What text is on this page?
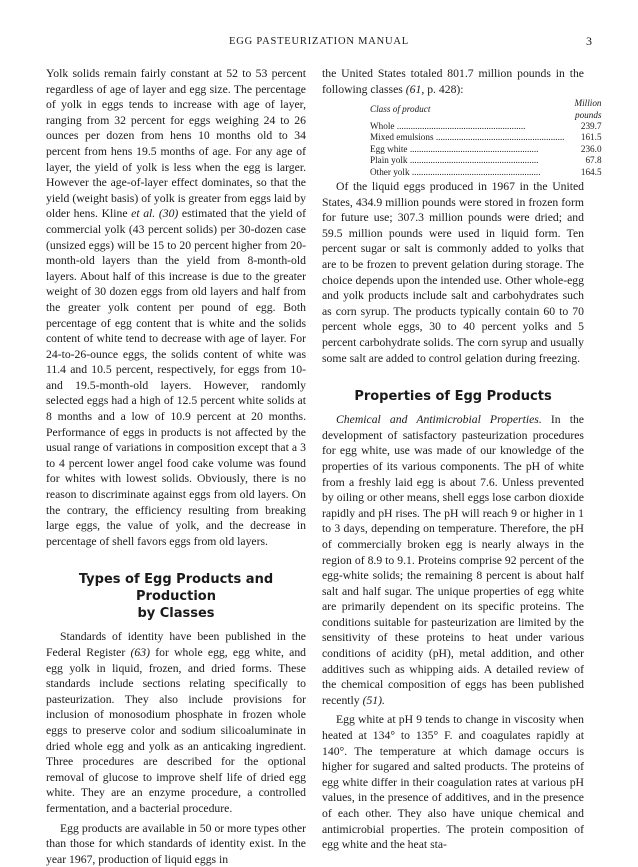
EGG PASTEURIZATION MANUAL	3

Yolk solids remain fairly constant at 52 to 53 percent regardless of age of layer and egg size. The percentage of yolk in eggs tends to increase with age of layer, ranging from 32 percent for eggs weighing 24 to 26 ounces per dozen from hens 10 months old to 34 percent from hens 19.5 months of age. For any age of layer, the yield of yolk is less when the egg is larger. However the age-of-layer effect dominates, so that the yield (weight basis) of yolk is greater from eggs laid by older hens. Kline et al. (30) estimated that the yield of commercial yolk (43 percent solids) per 30-dozen case (unsized eggs) will be 15 to 20 percent higher from 20-month-old layers than the yield from 8-month-old layers. About half of this increase is due to the greater weight of 30 dozen eggs from old layers and half from the greater yolk content per pound of egg. Both percentage of egg content that is white and the solids content of white tend to decrease with age of layer. For 24-to-26-ounce eggs, the solids content of white was 11.4 and 10.5 percent, respectively, for eggs from 10- and 19.5-month-old layers. However, randomly selected eggs had a high of 12.5 percent white solids at 8 months and a low of 10.9 percent at 20 months. Performance of eggs in products is not affected by the usual range of variations in composition except that a 3 to 4 percent lower angel food cake volume was found for whites with lowest solids. Obviously, there is no reason to discriminate against eggs from old layers. On the contrary, the efficiency resulting from breaking large eggs, the value of yolk, and the decrease in percentage of shell favors eggs from old layers.

Types of Egg Products and Production
by Classes

Standards of identity have been published in the Federal Register (63) for whole egg, egg white, and egg yolk in liquid, frozen, and dried forms. These standards include sections relating specifically to pasteurization. They also include provisions for inclusion of monosodium phosphate in frozen whole eggs to preserve color and sodium silicoaluminate in dried whole egg and yolk as an anticaking ingredient. Three procedures are described for the optional removal of glucose to improve shelf life of dried egg white. They are an enzyme procedure, a controlled fermentation, and a bacterial procedure.

Egg products are available in 50 or more types other than those for which standards of identity exist. In the year 1967, production of liquid eggs in

the United States totaled 801.7 million pounds in the following classes (61, p. 428):

Class of product	Million pounds
Whole .....	239.7
Mixed emulsions .....	161.5
Egg white .....	236.0
Plain yolk .....	67.8
Other yolk .....	164.5

Of the liquid eggs produced in 1967 in the United States, 434.9 million pounds were stored in frozen form for future use; 307.3 million pounds were dried; and 59.5 million pounds were used in liquid form. Ten percent sugar or salt is commonly added to yolks that are to be frozen to prevent gelation during storage. The choice depends upon the intended use. Other whole-egg and yolk products include salt and carbohydrates such as corn syrup. The products typically contain 60 to 70 percent whole eggs, 30 to 40 percent yolks and 5 percent carbohydrate solids. The corn syrup and usually some salt are added to control gelation during freezing.

Properties of Egg Products

Chemical and Antimicrobial Properties. In the development of satisfactory pasteurization procedures for egg white, use was made of our knowledge of the properties of its various components. The pH of white from a freshly laid egg is about 7.6. Unless prevented by oiling or other means, shell eggs lose carbon dioxide rapidly and pH rises. The pH will reach 9 or higher in 1 to 3 days, depending on temperature. Therefore, the pH of commercially broken egg is nearly always in the region of 8.9 to 9.1. Proteins comprise 92 percent of the egg-white solids; the remaining 8 percent is about half salt and half sugar. The unique properties of egg white are primarily dependent on its specific proteins. The conditions suitable for pasteurization are limited by the sensitivity of these proteins to heat under various conditions of acidity (pH), metal addition, and other additives such as whipping aids. A detailed review of the chemical composition of eggs has been published recently (51).

Egg white at pH 9 tends to change in viscosity when heated at 134° to 135° F. and coagulates rapidly at 140°. The temperature at which damage occurs is higher for sugared and salted products. The proteins of egg white differ in their coagulation rates at various pH values, in the presence of additives, and in the presence of each other. They also have unique chemical and antimicrobial properties. The protein composition of egg white and the heat sta-
